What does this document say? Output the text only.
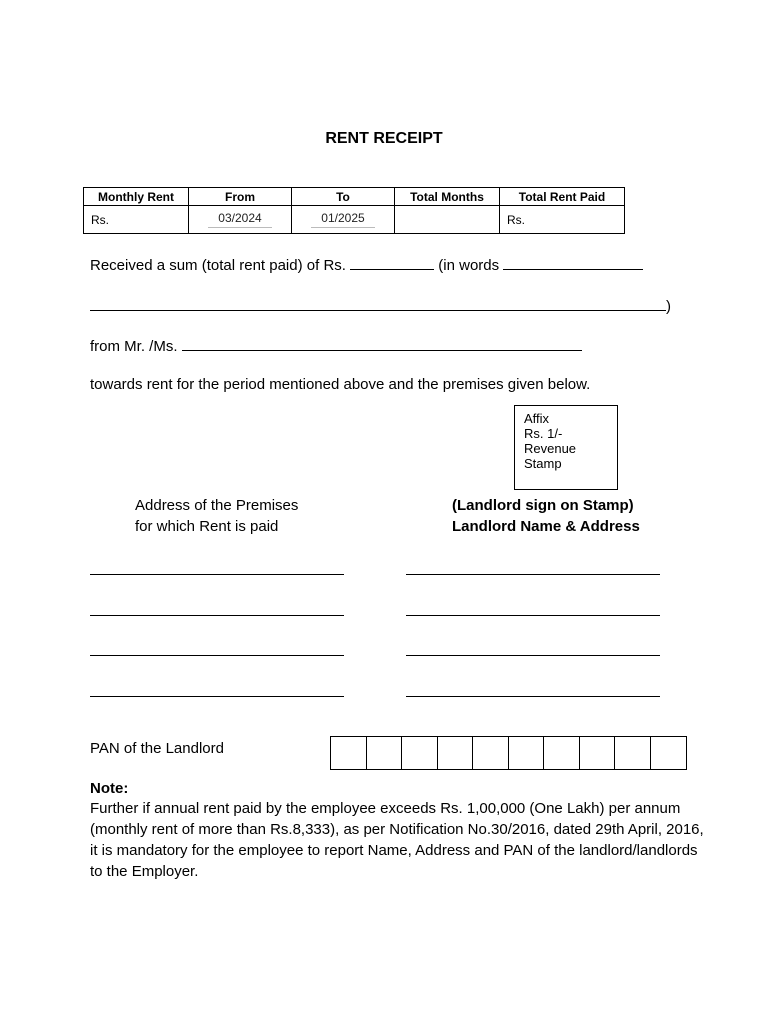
RENT RECEIPT
Monthly Rent	From	To	Total Months	Total Rent Paid
Rs.	03/2024	01/2025		Rs.
Received a sum (total rent paid) of Rs.	(in words
)
from Mr. /Ms.
towards rent for the period mentioned above and the premises given below.
Affix
Rs. 1/-
Revenue
Stamp
Address of the Premises
for which Rent is paid
(Landlord sign on Stamp)
Landlord Name & Address
PAN of the Landlord
Note:
Further if annual rent paid by the employee exceeds Rs. 1,00,000 (One Lakh) per annum (monthly rent of more than Rs.8,333), as per Notification No.30/2016, dated 29th April, 2016, it is mandatory for the employee to report Name, Address and PAN of the landlord/landlords to the Employer.
